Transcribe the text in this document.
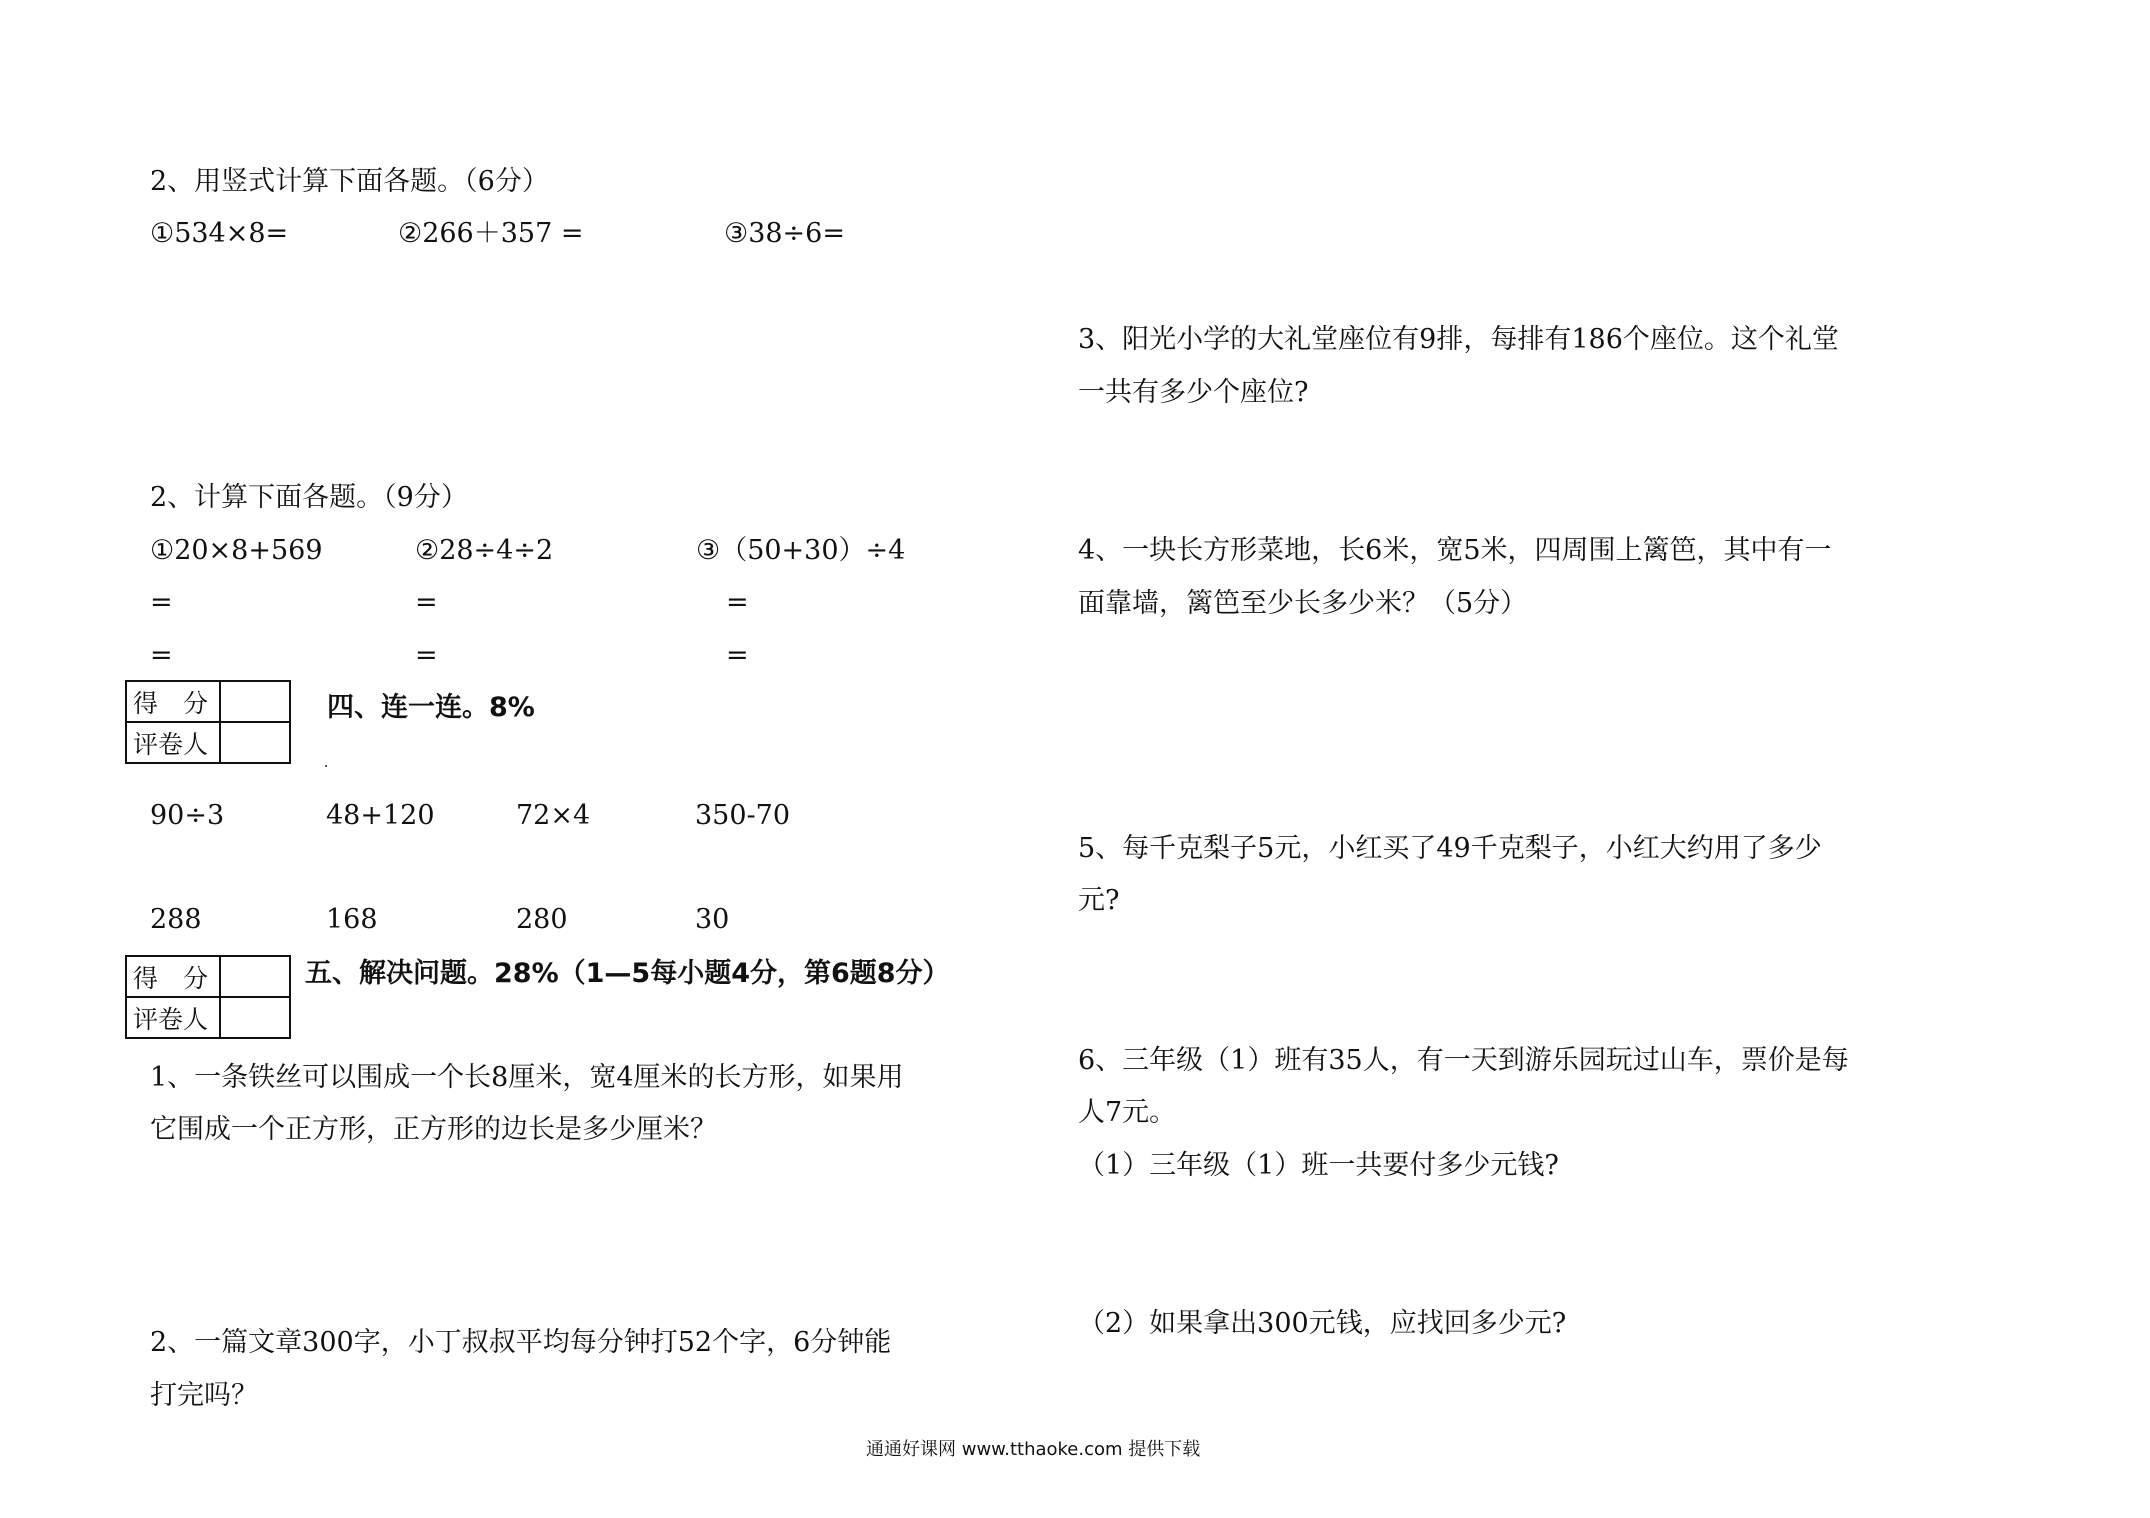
2、用竖式计算下面各题。（6分）
①534×8=	②266＋357 =	③38÷6=
2、计算下面各题。（9分）
①20×8+569	②28÷4÷2	③（50+30）÷4
=	=	=
=	=	=
得　分	
评卷人	
四、连一连。8%
90÷3	48+120	72×4	350-70
288	168	280	30
得　分	
评卷人	
五、解决问题。28%（1—5每小题4分，第6题8分）
1、一条铁丝可以围成一个长8厘米，宽4厘米的长方形，如果用
它围成一个正方形，正方形的边长是多少厘米？
2、一篇文章300字，小丁叔叔平均每分钟打52个字，6分钟能
打完吗？
3、阳光小学的大礼堂座位有9排，每排有186个座位。这个礼堂
一共有多少个座位?
4、一块长方形菜地，长6米，宽5米，四周围上篱笆，其中有一
面靠墙，篱笆至少长多少米？（5分）
5、每千克梨子5元，小红买了49千克梨子，小红大约用了多少
元?
6、三年级（1）班有35人，有一天到游乐园玩过山车，票价是每
人7元。
（1）三年级（1）班一共要付多少元钱?
（2）如果拿出300元钱，应找回多少元?
通通好课网 www.tthaoke.com 提供下载
